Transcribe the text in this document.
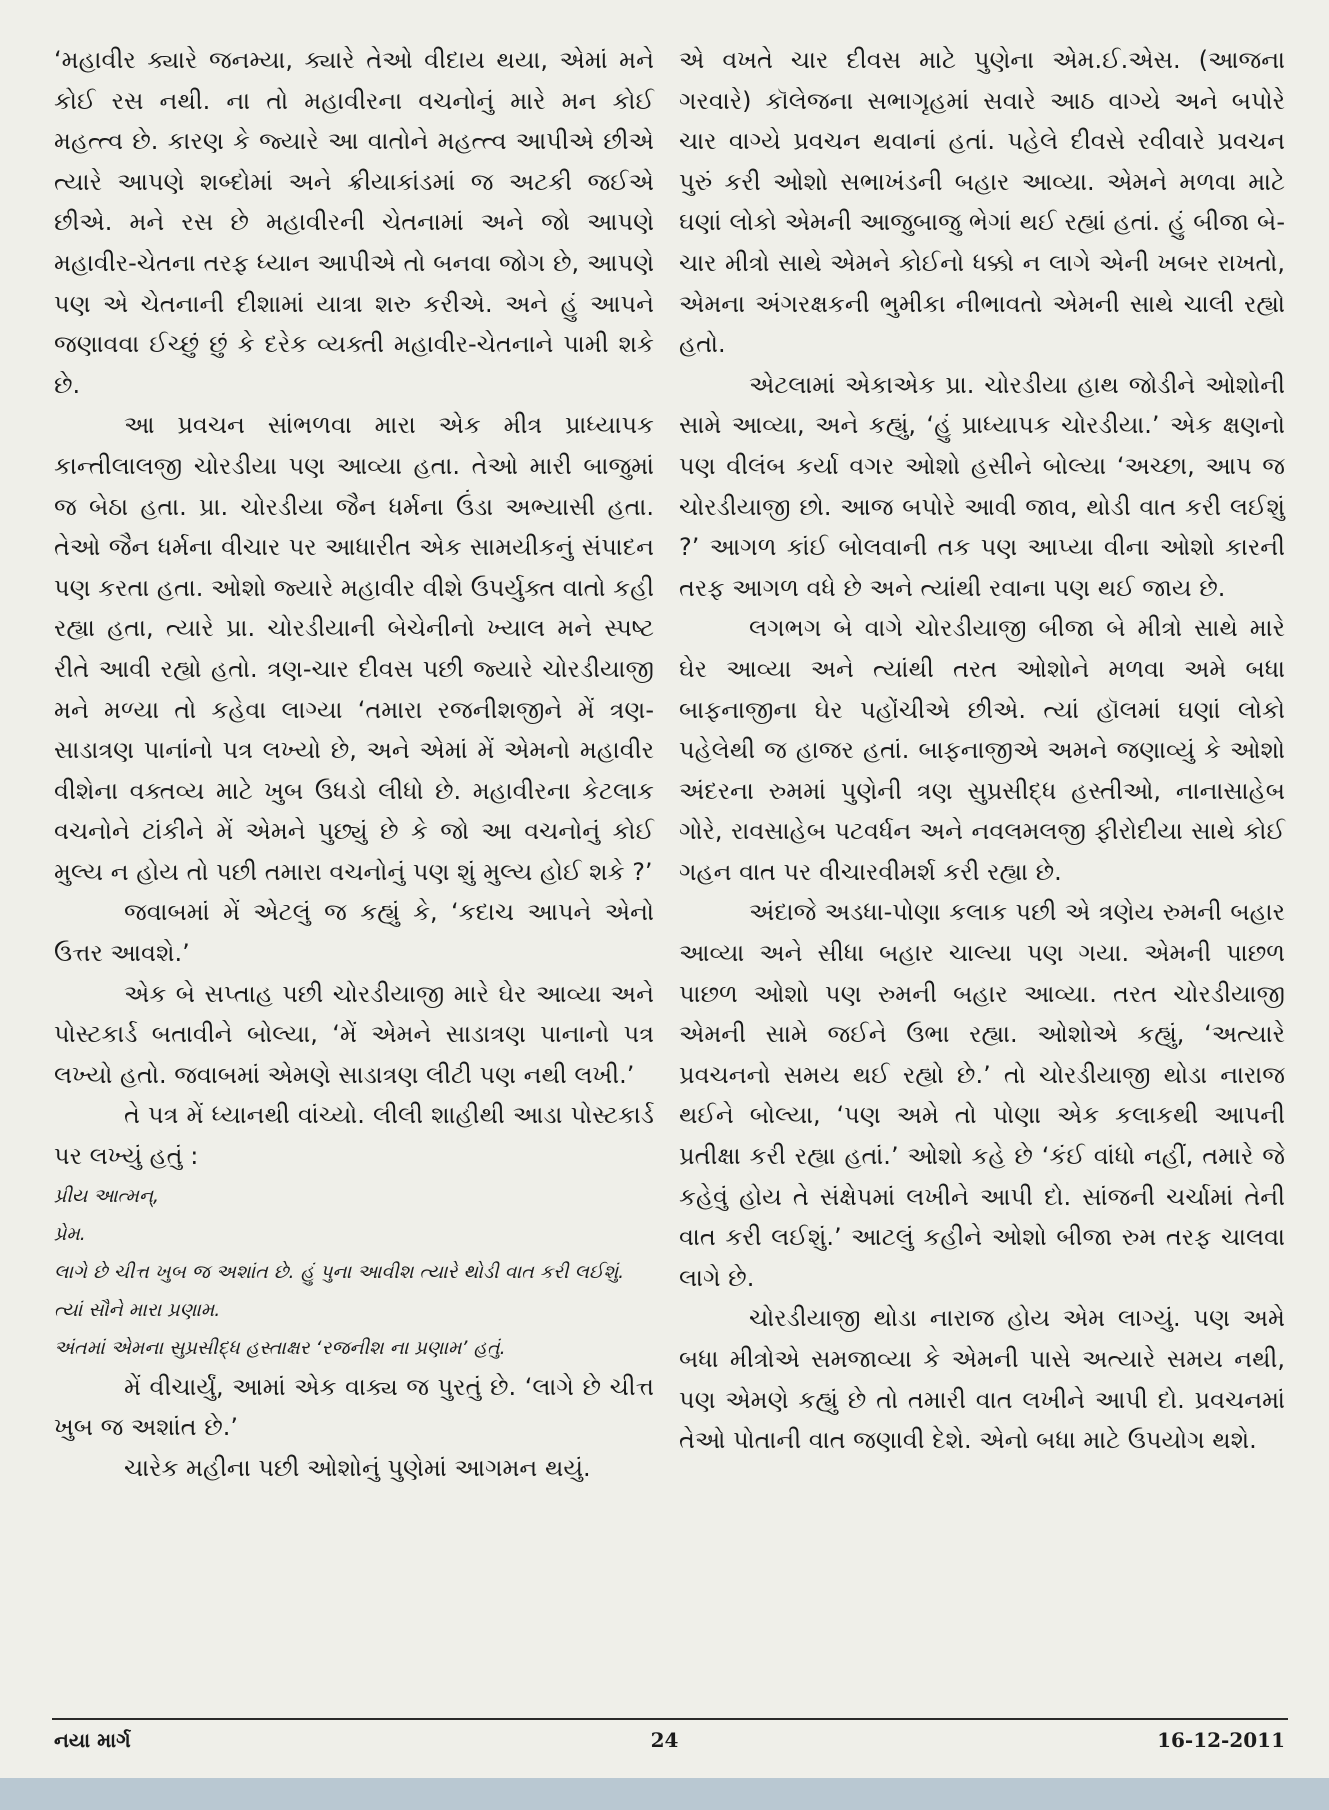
‘મહાવીર ક્યારે જનમ્યા, ક્યારે તેઓ વીદાય થયા, એમાં મને કોઈ રસ નથી. ના તો મહાવીરના વચનોનું મારે મન કોઈ મહત્ત્વ છે. કારણ કે જ્યારે આ વાતોને મહત્ત્વ આપીએ છીએ ત્યારે આપણે શબ્દોમાં અને ક્રીયાકાંડમાં જ અટકી જઈએ છીએ. મને રસ છે મહાવીરની ચેતનામાં અને જો આપણે મહાવીર-ચેતના તરફ ધ્યાન આપીએ તો બનવા જોગ છે, આપણે પણ એ ચેતનાની દીશામાં યાત્રા શરુ કરીએ. અને હું આપને જણાવવા ઈચ્છું છું કે દરેક વ્યક્તી મહાવીર-ચેતનાને પામી શકે છે.

આ પ્રવચન સાંભળવા મારા એક મીત્ર પ્રાધ્યાપક કાન્તીલાલજી ચોરડીયા પણ આવ્યા હતા. તેઓ મારી બાજુમાં જ બેઠા હતા. પ્રા. ચોરડીયા જૈન ધર્મના ઉંડા અભ્યાસી હતા. તેઓ જૈન ધર્મના વીચાર પર આધારીત એક સામયીકનું સંપાદન પણ કરતા હતા. ઓશો જ્યારે મહાવીર વીશે ઉપર્યુક્ત વાતો કહી રહ્યા હતા, ત્યારે પ્રા. ચોરડીયાની બેચેનીનો ખ્યાલ મને સ્પષ્ટ રીતે આવી રહ્યો હતો. ત્રણ-ચાર દીવસ પછી જ્યારે ચોરડીયાજી મને મળ્યા તો કહેવા લાગ્યા ‘તમારા રજનીશજીને મેં ત્રણ-સાડાત્રણ પાનાંનો પત્ર લખ્યો છે, અને એમાં મેં એમનો મહાવીર વીશેના વક્તવ્ય માટે ખુબ ઉધડો લીધો છે. મહાવીરના કેટલાક વચનોને ટાંકીને મેં એમને પુછ્યું છે કે જો આ વચનોનું કોઈ મુલ્ય ન હોય તો પછી તમારા વચનોનું પણ શું મુલ્ય હોઈ શકે ?’

જવાબમાં મેં એટલું જ કહ્યું કે, ‘કદાચ આપને એનો ઉત્તર આવશે.’

એક બે સપ્તાહ પછી ચોરડીયાજી મારે ઘેર આવ્યા અને પોસ્ટકાર્ડ બતાવીને બોલ્યા, ‘મેં એમને સાડાત્રણ પાનાનો પત્ર લખ્યો હતો. જવાબમાં એમણે સાડાત્રણ લીટી પણ નથી લખી.’

તે પત્ર મેં ધ્યાનથી વાંચ્યો. લીલી શાહીથી આડા પોસ્ટકાર્ડ પર લખ્યું હતું :

પ્રીય આત્મન્,

પ્રેમ.

લાગે છે ચીત્ત ખુબ જ અશાંત છે. હું પુના આવીશ ત્યારે થોડી વાત કરી લઈશું.

ત્યાં સૌને મારા પ્રણામ.

અંતમાં એમના સુપ્રસીદ્ધ હસ્તાક્ષર ‘રજનીશ ના પ્રણામ’ હતું.

મેં વીચાર્યું, આમાં એક વાક્ય જ પુરતું છે. ‘લાગે છે ચીત્ત ખુબ જ અશાંત છે.’

ચારેક મહીના પછી ઓશોનું પુણેમાં આગમન થયું.

એ વખતે ચાર દીવસ માટે પુણેના એમ.ઈ.એસ. (આજના ગરવારે) કૉલેજના સભાગૃહમાં સવારે આઠ વાગ્યે અને બપોરે ચાર વાગ્યે પ્રવચન થવાનાં હતાં. પહેલે દીવસે રવીવારે પ્રવચન પુરું કરી ઓશો સભાખંડની બહાર આવ્યા. એમને મળવા માટે ઘણાં લોકો એમની આજુબાજુ ભેગાં થઈ રહ્યાં હતાં. હું બીજા બે-ચાર મીત્રો સાથે એમને કોઈનો ધક્કો ન લાગે એની ખબર રાખતો, એમના અંગરક્ષકની ભુમીકા નીભાવતો એમની સાથે ચાલી રહ્યો હતો.

એટલામાં એકાએક પ્રા. ચોરડીયા હાથ જોડીને ઓશોની સામે આવ્યા, અને કહ્યું, ‘હું પ્રાધ્યાપક ચોરડીયા.’ એક ક્ષણનો પણ વીલંબ કર્યા વગર ઓશો હસીને બોલ્યા ‘અચ્છા, આપ જ ચોરડીયાજી છો. આજ બપોરે આવી જાવ, થોડી વાત કરી લઈશું ?’ આગળ કાંઈ બોલવાની તક પણ આપ્યા વીના ઓશો કારની તરફ આગળ વધે છે અને ત્યાંથી રવાના પણ થઈ જાય છે.

લગભગ બે વાગે ચોરડીયાજી બીજા બે મીત્રો સાથે મારે ઘેર આવ્યા અને ત્યાંથી તરત ઓશોને મળવા અમે બધા બાફનાજીના ઘેર પહોંચીએ છીએ. ત્યાં હૉલમાં ઘણાં લોકો પહેલેથી જ હાજર હતાં. બાફનાજીએ અમને જણાવ્યું કે ઓશો અંદરના રુમમાં પુણેની ત્રણ સુપ્રસીદ્ધ હસ્તીઓ, નાનાસાહેબ ગોરે, રાવસાહેબ પટવર્ધન અને નવલમલજી ફીરોદીયા સાથે કોઈ ગહન વાત પર વીચારવીમર્શ કરી રહ્યા છે.

અંદાજે અડધા-પોણા કલાક પછી એ ત્રણેય રુમની બહાર આવ્યા અને સીધા બહાર ચાલ્યા પણ ગયા. એમની પાછળ પાછળ ઓશો પણ રુમની બહાર આવ્યા. તરત ચોરડીયાજી એમની સામે જઈને ઉભા રહ્યા. ઓશોએ કહ્યું, ‘અત્યારે પ્રવચનનો સમય થઈ રહ્યો છે.’ તો ચોરડીયાજી થોડા નારાજ થઈને બોલ્યા, ‘પણ અમે તો પોણા એક કલાકથી આપની પ્રતીક્ષા કરી રહ્યા હતાં.’ ઓશો કહે છે ‘કંઈ વાંધો નહીં, તમારે જે કહેવું હોય તે સંક્ષેપમાં લખીને આપી દો. સાંજની ચર્ચામાં તેની વાત કરી લઈશું.’ આટલું કહીને ઓશો બીજા રુમ તરફ ચાલવા લાગે છે.

ચોરડીયાજી થોડા નારાજ હોય એમ લાગ્યું. પણ અમે બધા મીત્રોએ સમજાવ્યા કે એમની પાસે અત્યારે સમય નથી, પણ એમણે કહ્યું છે તો તમારી વાત લખીને આપી દો. પ્રવચનમાં તેઓ પોતાની વાત જણાવી દેશે. એનો બધા માટે ઉપયોગ થશે.

નયા માર્ગ	24	16-12-2011
